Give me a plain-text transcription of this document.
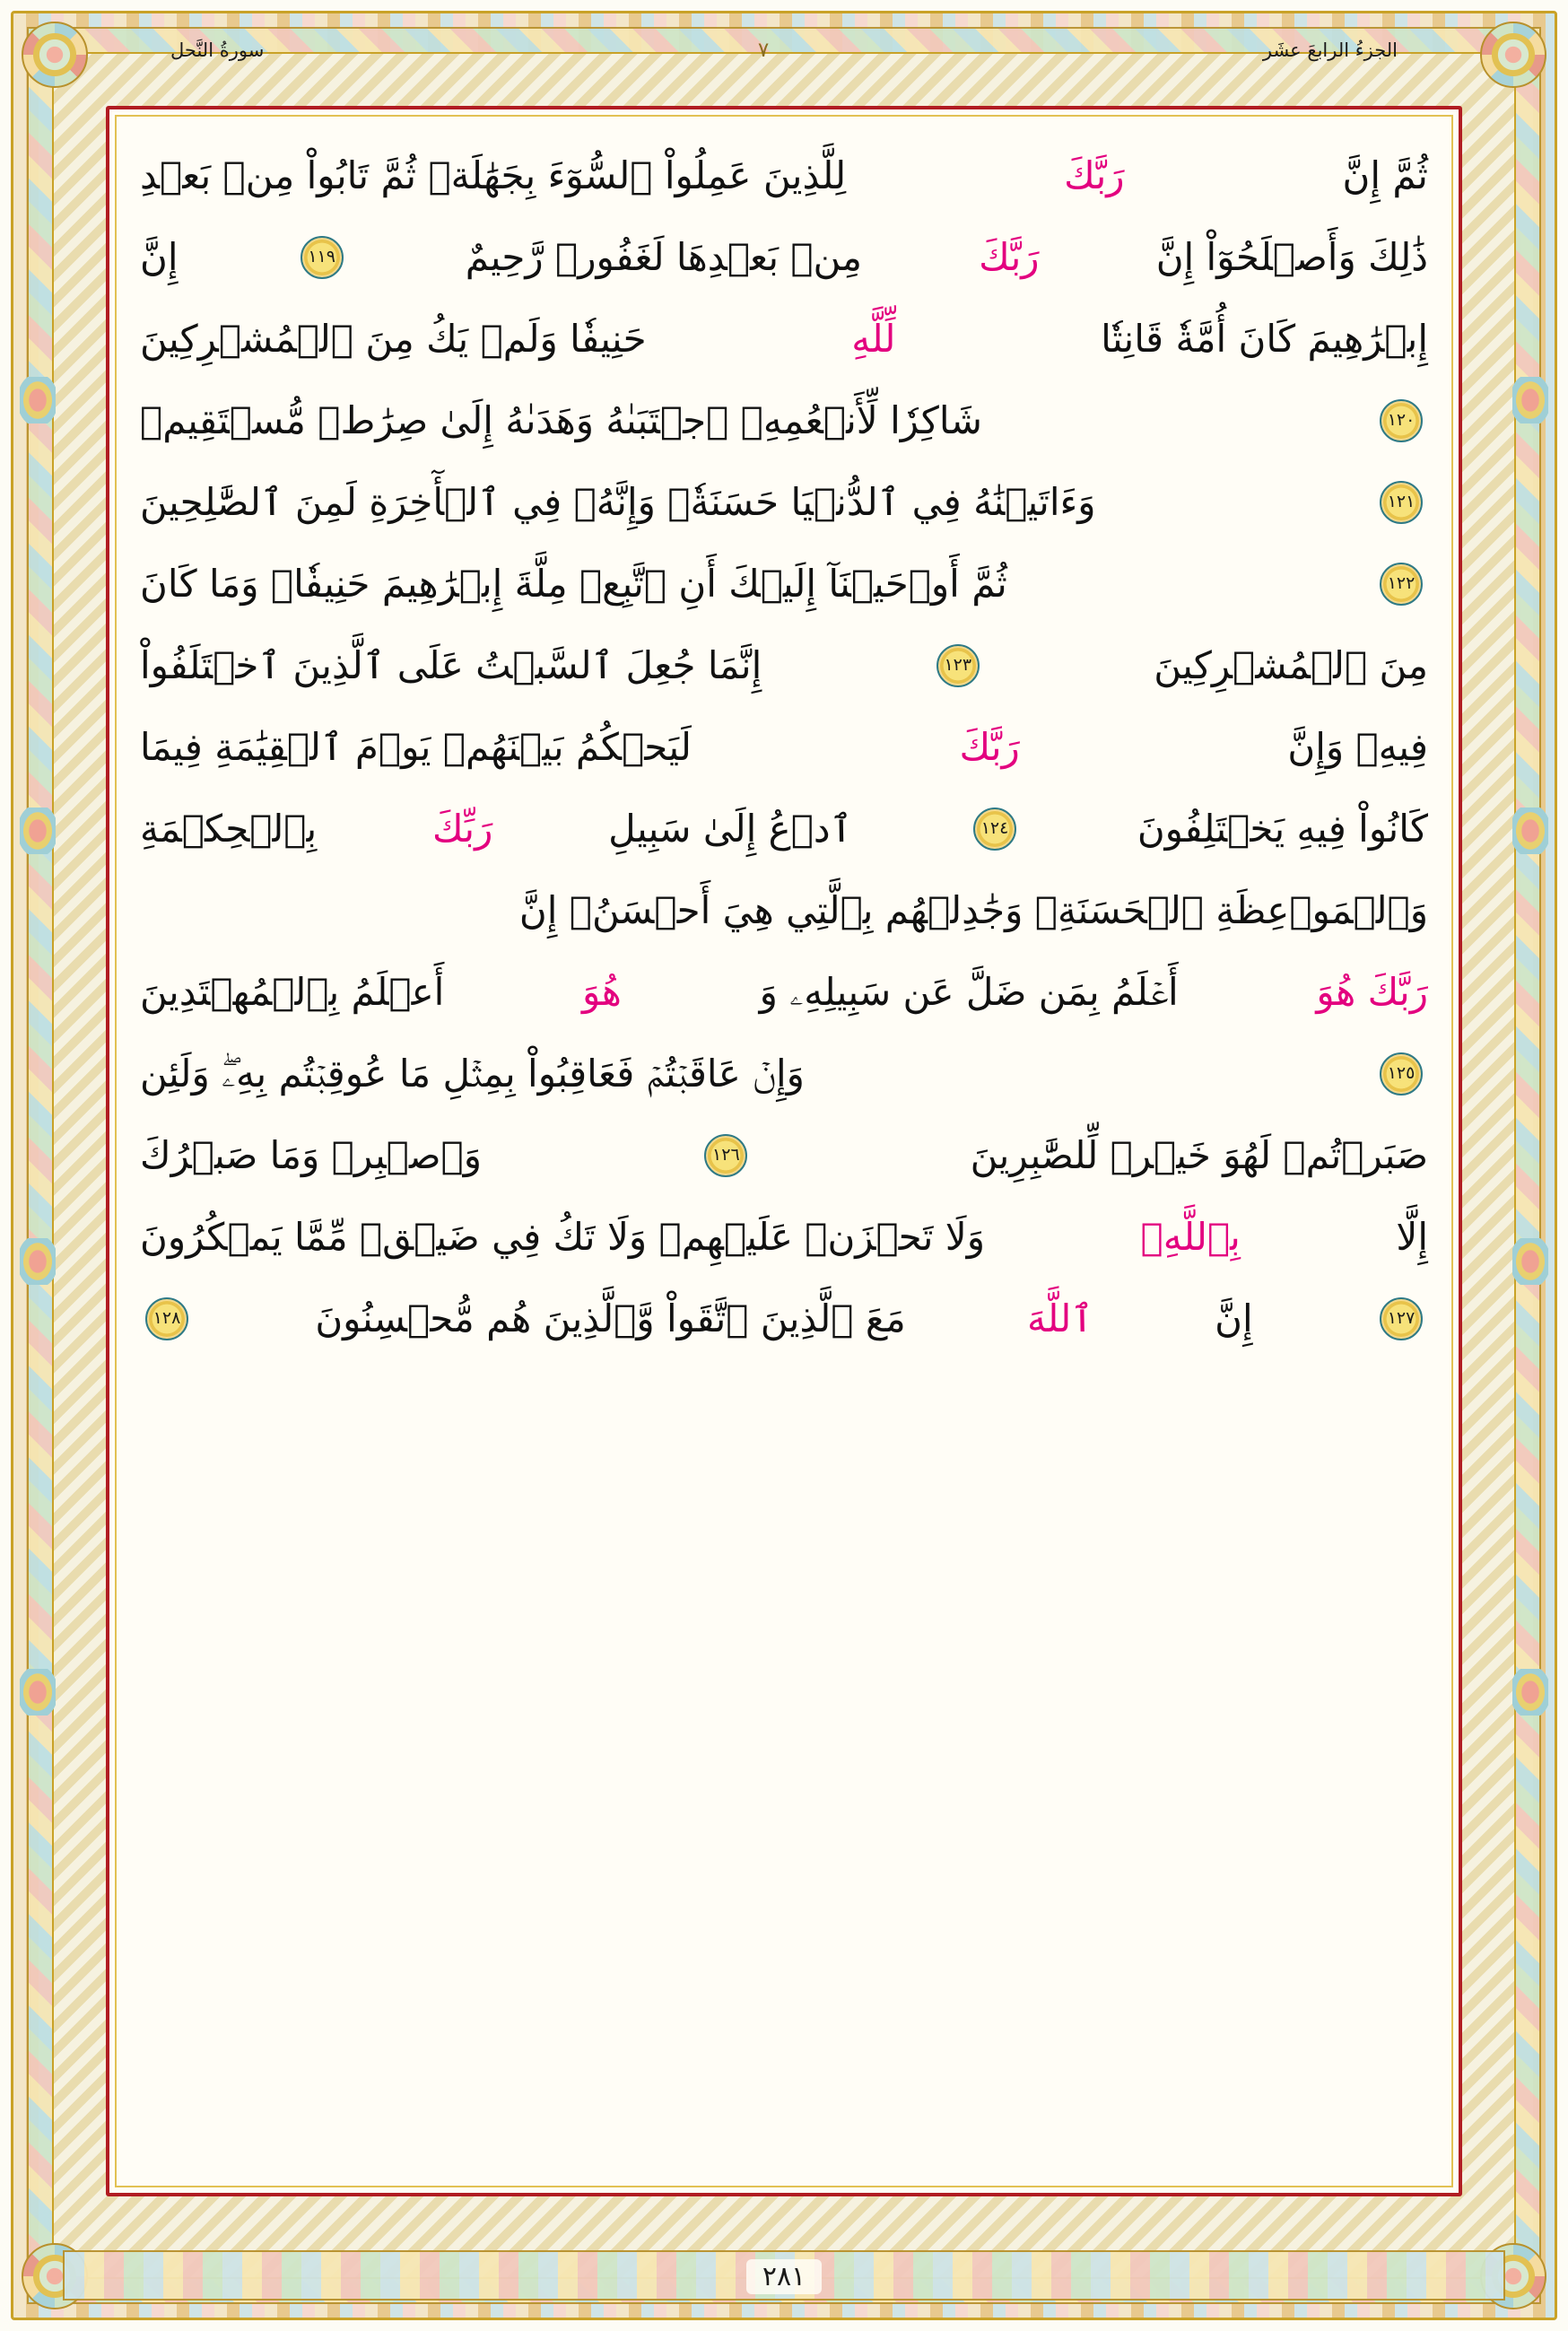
الجزءُ الرابعَ عشَر
٧
سورةُ النَّحل
ثُمَّ إِنَّ
رَبَّكَ
لِلَّذِينَ عَمِلُواْ ٱلسُّوٓءَ بِجَهَٰلَةٖ ثُمَّ تَابُواْ مِنۢ بَعۡدِ
ذَٰلِكَ وَأَصۡلَحُوٓاْ إِنَّ
رَبَّكَ
مِنۢ بَعۡدِهَا لَغَفُورٞ رَّحِيمٌ
١١٩
إِنَّ
إِبۡرَٰهِيمَ كَانَ أُمَّةٗ قَانِتٗا
لِّلَّهِ
حَنِيفٗا وَلَمۡ يَكُ مِنَ ٱلۡمُشۡرِكِينَ
١٢٠
شَاكِرٗا لِّأَنۡعُمِهِۚ ٱجۡتَبَىٰهُ وَهَدَىٰهُ إِلَىٰ صِرَٰطٖ مُّسۡتَقِيمٖ
١٢١
وَءَاتَيۡنَٰهُ فِي ٱلدُّنۡيَا حَسَنَةٗۖ وَإِنَّهُۥ فِي ٱلۡأٓخِرَةِ لَمِنَ ٱلصَّٰلِحِينَ
١٢٢
ثُمَّ أَوۡحَيۡنَآ إِلَيۡكَ أَنِ ٱتَّبِعۡ مِلَّةَ إِبۡرَٰهِيمَ حَنِيفٗاۖ وَمَا كَانَ
مِنَ ٱلۡمُشۡرِكِينَ
١٢٣
إِنَّمَا جُعِلَ ٱلسَّبۡتُ عَلَى ٱلَّذِينَ ٱخۡتَلَفُواْ
فِيهِۚ وَإِنَّ
رَبَّكَ
لَيَحۡكُمُ بَيۡنَهُمۡ يَوۡمَ ٱلۡقِيَٰمَةِ فِيمَا
كَانُواْ فِيهِ يَخۡتَلِفُونَ
١٢٤
ٱدۡعُ إِلَىٰ سَبِيلِ
رَبِّكَ
بِٱلۡحِكۡمَةِ
وَٱلۡمَوۡعِظَةِ ٱلۡحَسَنَةِۖ وَجَٰدِلۡهُم بِٱلَّتِي هِيَ أَحۡسَنُۚ إِنَّ
رَبَّكَ هُوَ
أَعۡلَمُ بِمَن ضَلَّ عَن سَبِيلِهِۦ وَ
هُوَ
أَعۡلَمُ بِٱلۡمُهۡتَدِينَ
١٢٥
وَإِنۡ عَاقَبۡتُمۡ فَعَاقِبُواْ بِمِثۡلِ مَا عُوقِبۡتُم بِهِۦۖ وَلَئِن
صَبَرۡتُمۡ لَهُوَ خَيۡرٞ لِّلصَّٰبِرِينَ
١٢٦
وَٱصۡبِرۡ وَمَا صَبۡرُكَ
إِلَّا
بِٱللَّهِۚ
وَلَا تَحۡزَنۡ عَلَيۡهِمۡ وَلَا تَكُ فِي ضَيۡقٖ مِّمَّا يَمۡكُرُونَ
١٢٧
إِنَّ
ٱللَّهَ
مَعَ ٱلَّذِينَ ٱتَّقَواْ وَّٱلَّذِينَ هُم مُّحۡسِنُونَ
١٢٨
٢٨١
